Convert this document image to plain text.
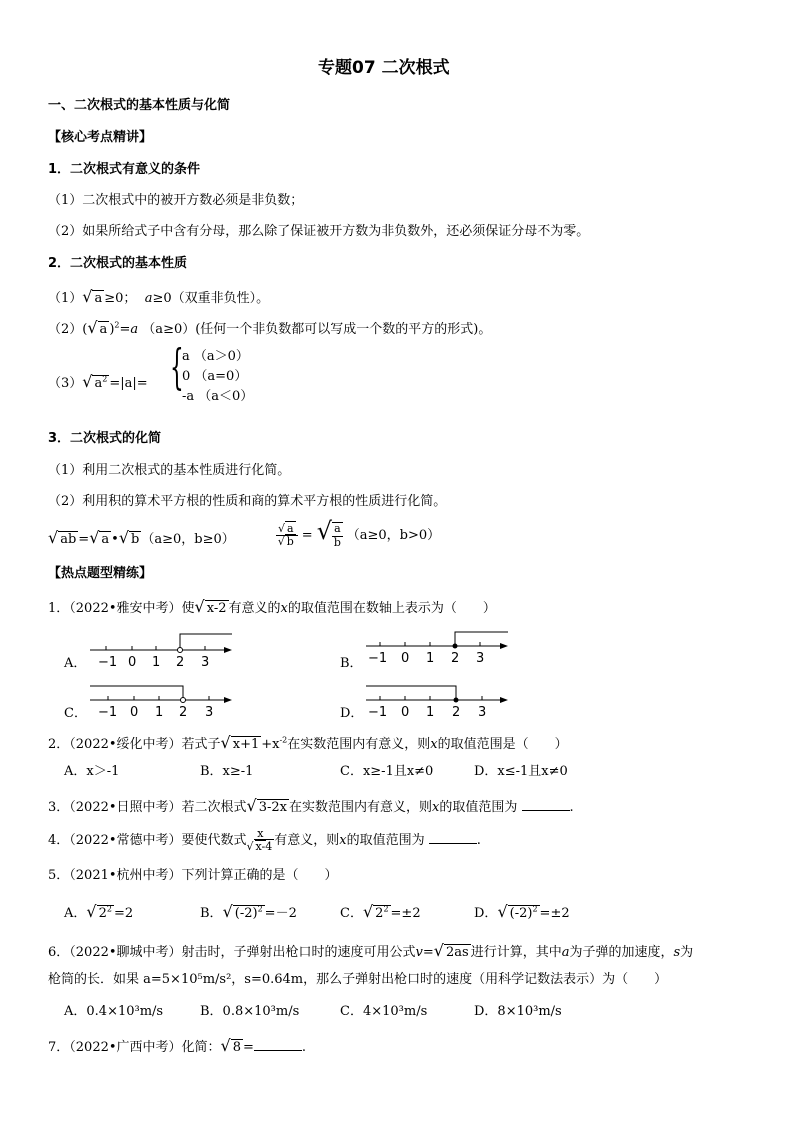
专题07 二次根式
一、二次根式的基本性质与化简
【核心考点精讲】
1．二次根式有意义的条件
（1）二次根式中的被开方数必须是非负数；
（2）如果所给式子中含有分母，那么除了保证被开方数为非负数外，还必须保证分母不为零。
2．二次根式的基本性质
（1）√ a ≥0； a≥0（双重非负性）。
（2）(√ a )$^2$=a （a≥0）(任何一个非负数都可以写成一个数的平方的形式)。
（3）√ $a^2 =|a|=$ {
a （a＞0）
0 （a=0）
-a （a＜0）
3．二次根式的化简
（1）利用二次根式的基本性质进行化简。
（2）利用积的算术平方根的性质和商的算术平方根的性质进行化简。
√ ab =√ a •√ b （a≥0，b≥0）	$\frac{√ a}{√ b}$ = √ $\frac{a}{b} (a\ge 0$，b>0）
【热点题型精练】
1．（2022•雅安中考）使√ x-2 有意义的x的取值范围在数轴上表示为（　　）
A． −1 0 1 2 3	B． −1 0 1 2 3
C． −1 0 1 2 3	D． −1 0 1 2 3
2．（2022•绥化中考）若式子√ $x+1 +x^{-2}$在实数范围内有意义，则x的取值范围是（　　）
A．x＞-1	B．x≥-1	C．x≥-1且x≠0	D．x≤-1且x≠0
3．（2022•日照中考）若二次根式√ 3-2x 在实数范围内有意义，则x的取值范围为	.
4．（2022•常德中考）要使代数式 $\frac{x}{√ x-4}$ 有意义，则x的取值范围为	.
5．（2021•杭州中考）下列计算正确的是（　　）
A．√ $2^2 =2$	B．√ $(-2)^2 =-2$	C．√ $2^2 =\pm 2$	D．√ $(-2)^2 =\pm 2$
6．（2022•聊城中考）射击时，子弹射出枪口时的速度可用公式v=√ 2as 进行计算，其中a为子弹的加速度，s为
枪筒的长．如果 a=5×10⁵m/s²，s=0.64m，那么子弹射出枪口时的速度（用科学记数法表示）为（　　）
A．0.4×10³m/s	B．0.8×10³m/s	C．4×10³m/s	D．8×10³m/s
7．（2022•广西中考）化简：√ 8 =	.
